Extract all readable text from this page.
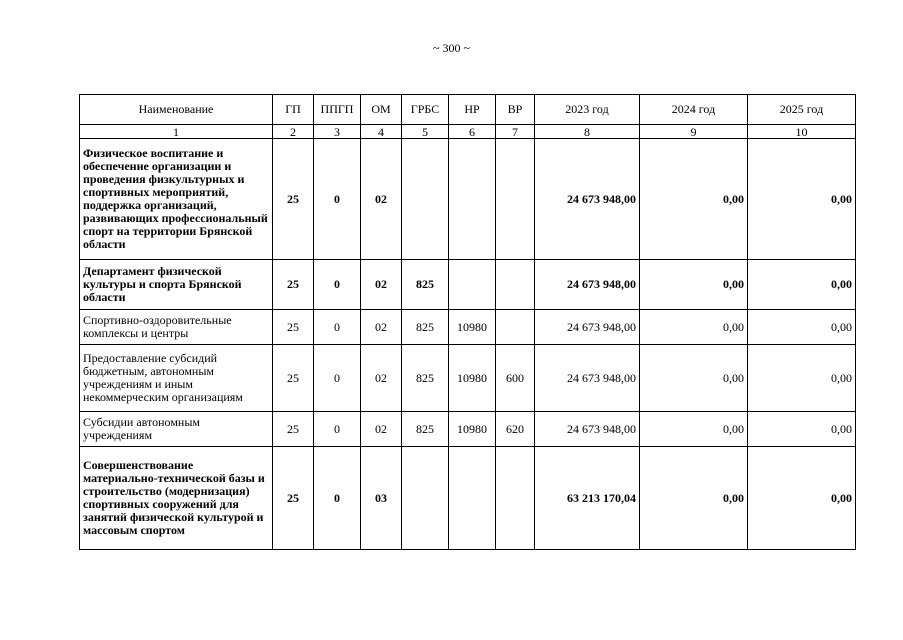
~ 300 ~
Наименование	ГП	ППГП	ОМ	ГРБС	НР	ВР	2023 год	2024 год	2025 год
1	2	3	4	5	6	7	8	9	10
Физическое воспитание и обеспечение организации и проведения физкультурных и спортивных мероприятий, поддержка организаций, развивающих профессиональный спорт на территории Брянской области	25	0	02				24 673 948,00	0,00	0,00
Департамент физической культуры и спорта Брянской области	25	0	02	825			24 673 948,00	0,00	0,00
Спортивно-оздоровительные комплексы и центры	25	0	02	825	10980		24 673 948,00	0,00	0,00
Предоставление субсидий бюджетным, автономным учреждениям и иным некоммерческим организациям	25	0	02	825	10980	600	24 673 948,00	0,00	0,00
Субсидии автономным учреждениям	25	0	02	825	10980	620	24 673 948,00	0,00	0,00
Совершенствование материально-технической базы и строительство (модернизация) спортивных сооружений для занятий физической культурой и массовым спортом	25	0	03				63 213 170,04	0,00	0,00
